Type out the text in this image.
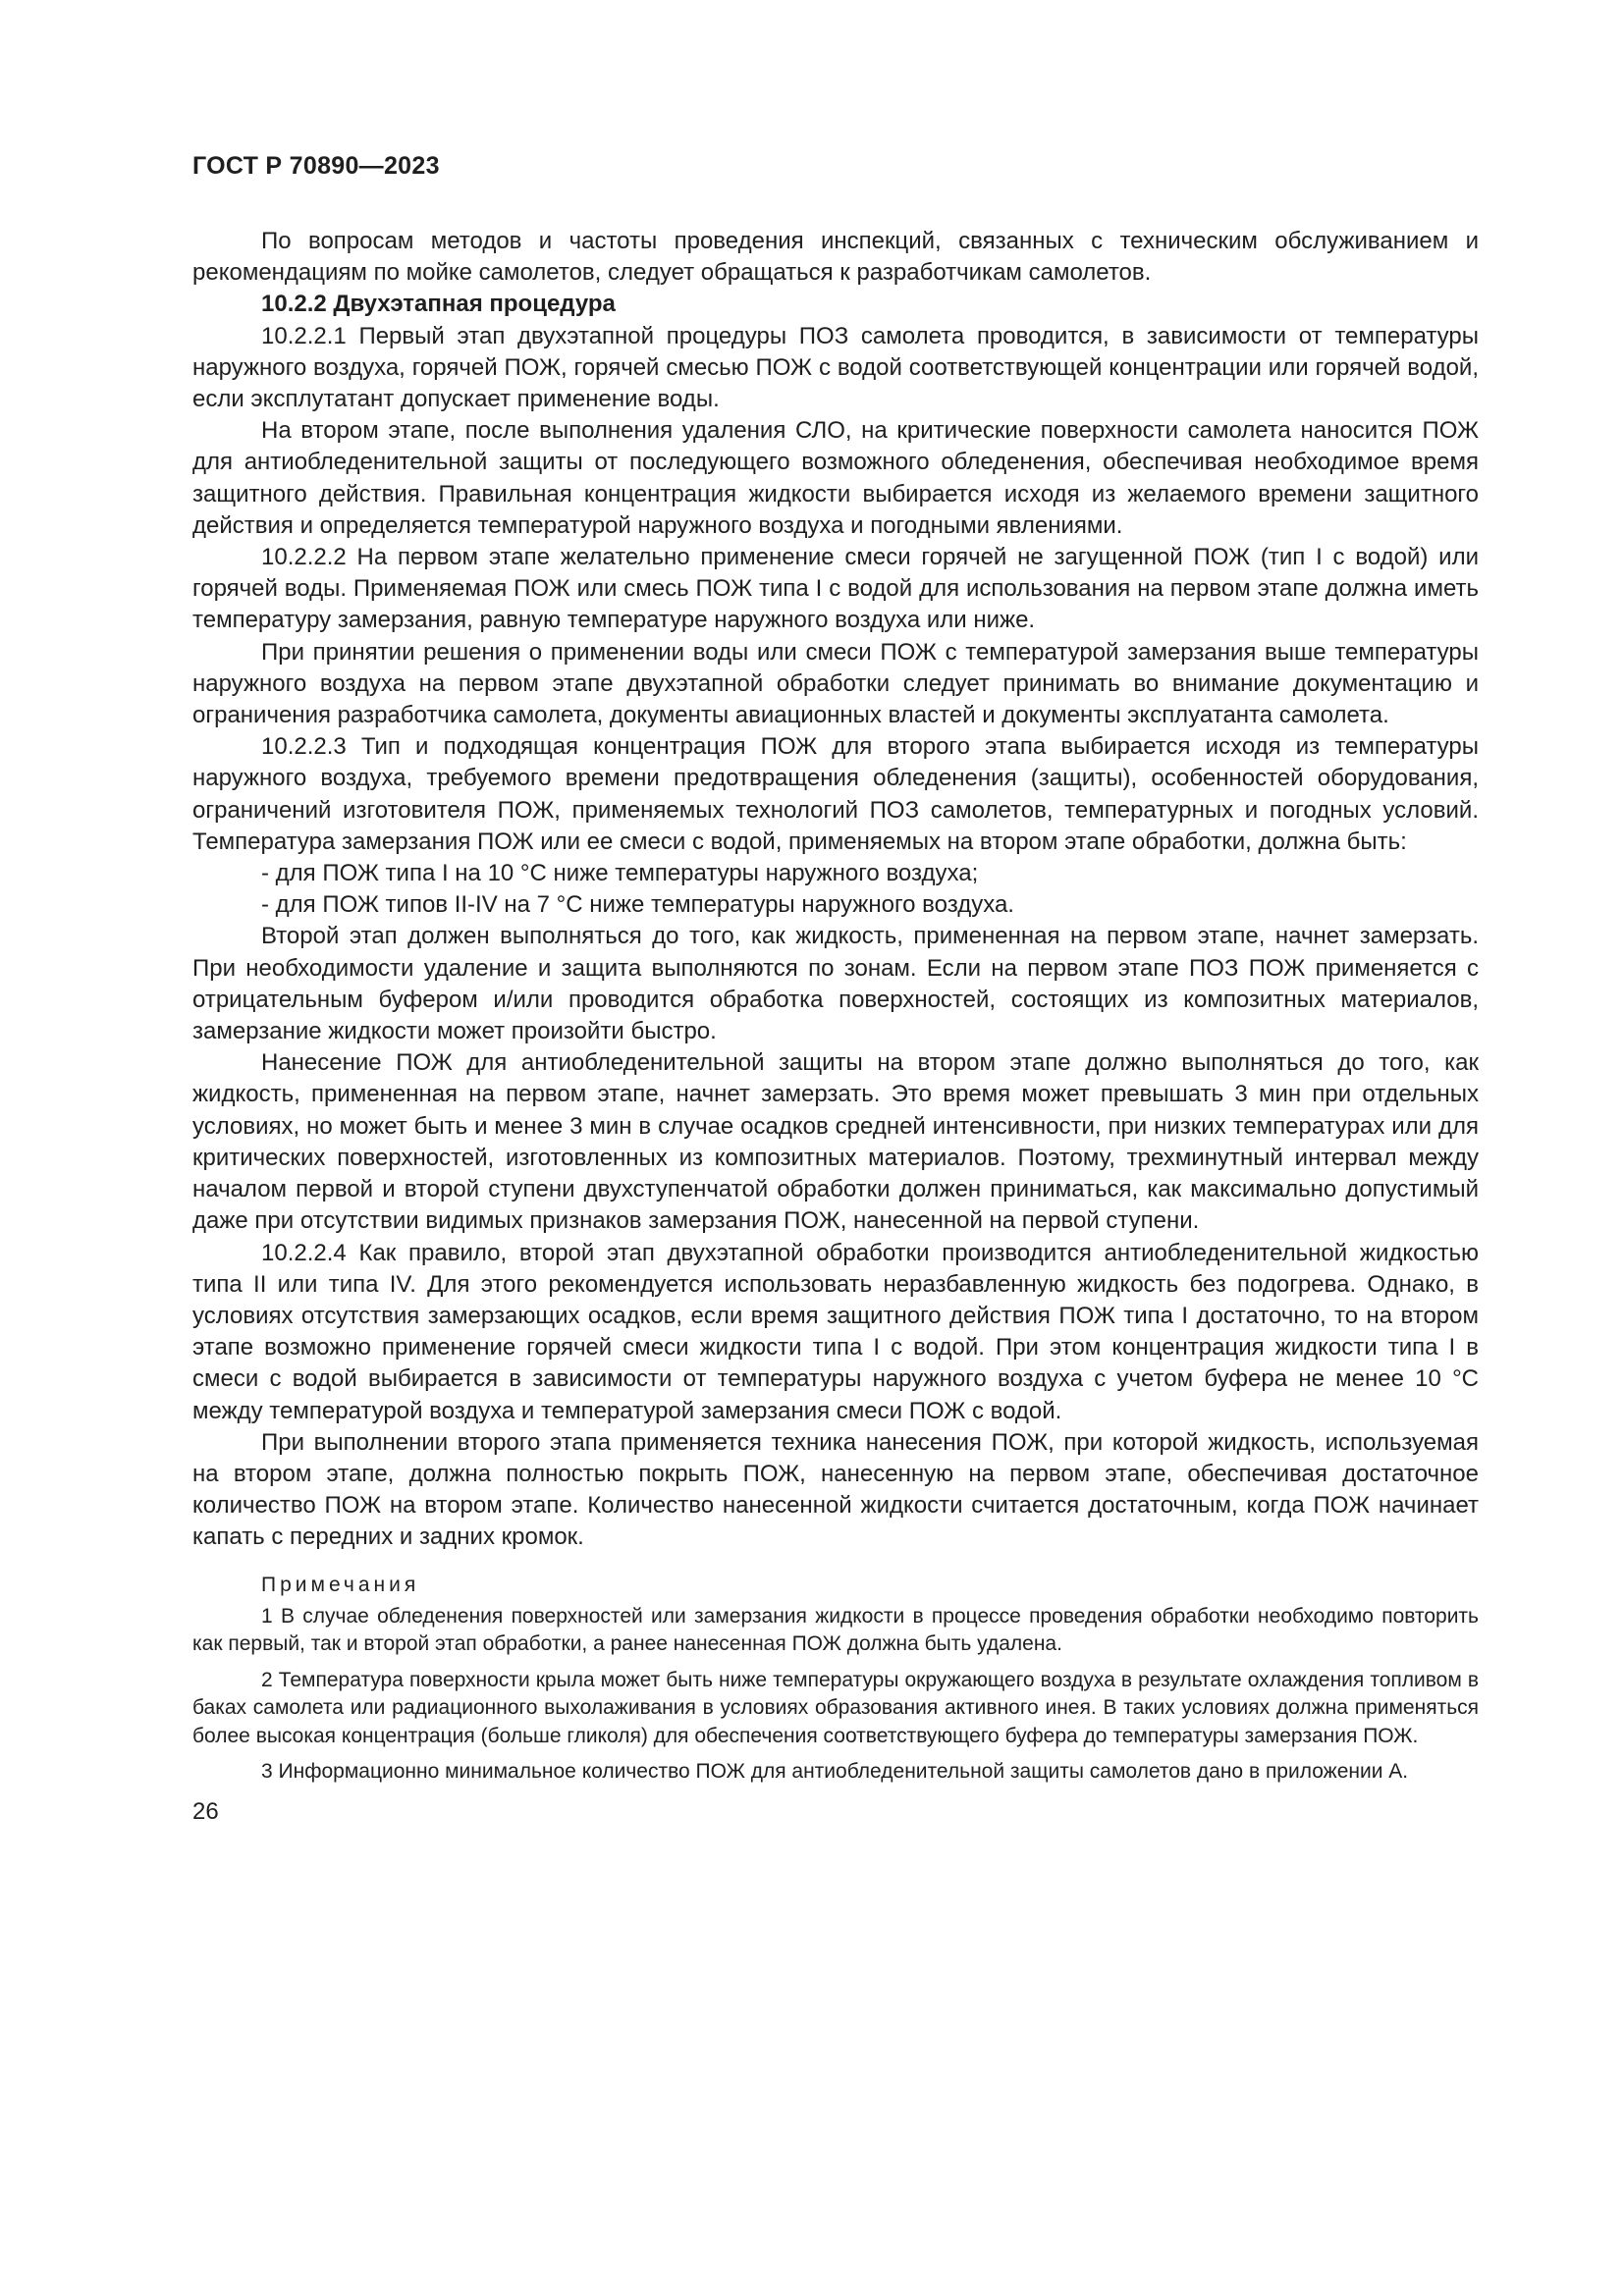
ГОСТ Р 70890—2023

По вопросам методов и частоты проведения инспекций, связанных с техническим обслуживанием и рекомендациям по мойке самолетов, следует обращаться к разработчикам самолетов.

10.2.2 Двухэтапная процедура

10.2.2.1 Первый этап двухэтапной процедуры ПОЗ самолета проводится, в зависимости от температуры наружного воздуха, горячей ПОЖ, горячей смесью ПОЖ с водой соответствующей концентрации или горячей водой, если эксплутатант допускает применение воды.

На втором этапе, после выполнения удаления СЛО, на критические поверхности самолета наносится ПОЖ для антиобледенительной защиты от последующего возможного обледенения, обеспечивая необходимое время защитного действия. Правильная концентрация жидкости выбирается исходя из желаемого времени защитного действия и определяется температурой наружного воздуха и погодными явлениями.

10.2.2.2 На первом этапе желательно применение смеси горячей не загущенной ПОЖ (тип I с водой) или горячей воды. Применяемая ПОЖ или смесь ПОЖ типа I с водой для использования на первом этапе должна иметь температуру замерзания, равную температуре наружного воздуха или ниже.

При принятии решения о применении воды или смеси ПОЖ с температурой замерзания выше температуры наружного воздуха на первом этапе двухэтапной обработки следует принимать во внимание документацию и ограничения разработчика самолета, документы авиационных властей и документы эксплуатанта самолета.

10.2.2.3 Тип и подходящая концентрация ПОЖ для второго этапа выбирается исходя из температуры наружного воздуха, требуемого времени предотвращения обледенения (защиты), особенностей оборудования, ограничений изготовителя ПОЖ, применяемых технологий ПОЗ самолетов, температурных и погодных условий. Температура замерзания ПОЖ или ее смеси с водой, применяемых на втором этапе обработки, должна быть:

- для ПОЖ типа I на 10 °C ниже температуры наружного воздуха;

- для ПОЖ типов II-IV на 7 °C ниже температуры наружного воздуха.

Второй этап должен выполняться до того, как жидкость, примененная на первом этапе, начнет замерзать. При необходимости удаление и защита выполняются по зонам. Если на первом этапе ПОЗ ПОЖ применяется с отрицательным буфером и/или проводится обработка поверхностей, состоящих из композитных материалов, замерзание жидкости может произойти быстро.

Нанесение ПОЖ для антиобледенительной защиты на втором этапе должно выполняться до того, как жидкость, примененная на первом этапе, начнет замерзать. Это время может превышать 3 мин при отдельных условиях, но может быть и менее 3 мин в случае осадков средней интенсивности, при низких температурах или для критических поверхностей, изготовленных из композитных материалов. Поэтому, трехминутный интервал между началом первой и второй ступени двухступенчатой обработки должен приниматься, как максимально допустимый даже при отсутствии видимых признаков замерзания ПОЖ, нанесенной на первой ступени.

10.2.2.4 Как правило, второй этап двухэтапной обработки производится антиобледенительной жидкостью типа II или типа IV. Для этого рекомендуется использовать неразбавленную жидкость без подогрева. Однако, в условиях отсутствия замерзающих осадков, если время защитного действия ПОЖ типа I достаточно, то на втором этапе возможно применение горячей смеси жидкости типа I с водой. При этом концентрация жидкости типа I в смеси с водой выбирается в зависимости от температуры наружного воздуха с учетом буфера не менее 10 °C между температурой воздуха и температурой замерзания смеси ПОЖ с водой.

При выполнении второго этапа применяется техника нанесения ПОЖ, при которой жидкость, используемая на втором этапе, должна полностью покрыть ПОЖ, нанесенную на первом этапе, обеспечивая достаточное количество ПОЖ на втором этапе. Количество нанесенной жидкости считается достаточным, когда ПОЖ начинает капать с передних и задних кромок.

Примечания

1 В случае обледенения поверхностей или замерзания жидкости в процессе проведения обработки необходимо повторить как первый, так и второй этап обработки, а ранее нанесенная ПОЖ должна быть удалена.

2 Температура поверхности крыла может быть ниже температуры окружающего воздуха в результате охлаждения топливом в баках самолета или радиационного выхолаживания в условиях образования активного инея. В таких условиях должна применяться более высокая концентрация (больше гликоля) для обеспечения соответствующего буфера до температуры замерзания ПОЖ.

3 Информационно минимальное количество ПОЖ для антиобледенительной защиты самолетов дано в приложении А.

26
